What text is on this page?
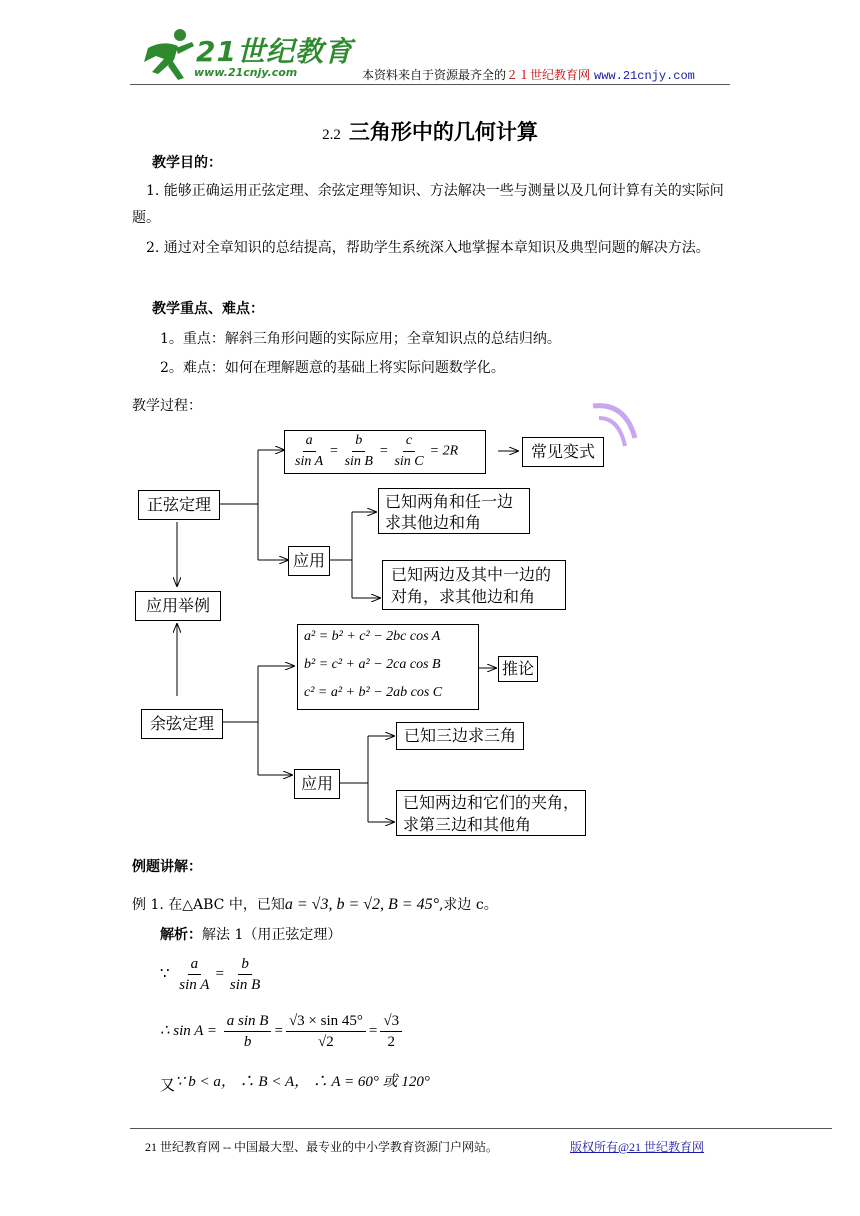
21世纪教育
www.21cnjy.com	本资料来自于资源最齐全的２１世纪教育网 www.21cnjy.com
2.2 三角形中的几何计算
教学目的：
1. 能够正确运用正弦定理、余弦定理等知识、方法解决一些与测量以及几何计算有关的实际问题。
2. 通过对全章知识的总结提高，帮助学生系统深入地掌握本章知识及典型问题的解决方法。
教学重点、难点：
1。重点：解斜三角形问题的实际应用；全章知识点的总结归纳。
2。难点：如何在理解题意的基础上将实际问题数学化。
教学过程：
正弦定理
$\frac{a}{\text{sin A}} = \frac{b}{\text{sin B}} = \frac{c}{\text{sin C}} = 2R$	常见变式
应用
已知两角和任一边求其他边和角
已知两边及其中一边的对角，求其他边和角
应用举例
a² = b² + c² − 2bc cos A
b² = c² + a² − 2ca cos B
c² = a² + b² − 2ab cos C
推论
余弦定理
已知三边求三角
应用
已知两边和它们的夹角，求第三边和其他角
例题讲解：
例 1. 在△ABC 中，已知a = √3, b = √2, B = 45°,求边 c。
解析：解法 1（用正弦定理）
∵ $\frac{a}{\text{sin A}} = \frac{b}{\text{sin B}}$
∴ $\sin A = \frac{\text{a sin B}}{b} = \frac{√3 \times \sin 45^\circ}{√2} = \frac{√3}{2}$
又∵ b < a， ∴ B < A， ∴ A = 60° 或 120°
21 世纪教育网 -- 中国最大型、最专业的中小学教育资源门户网站。	版权所有@21 世纪教育网
